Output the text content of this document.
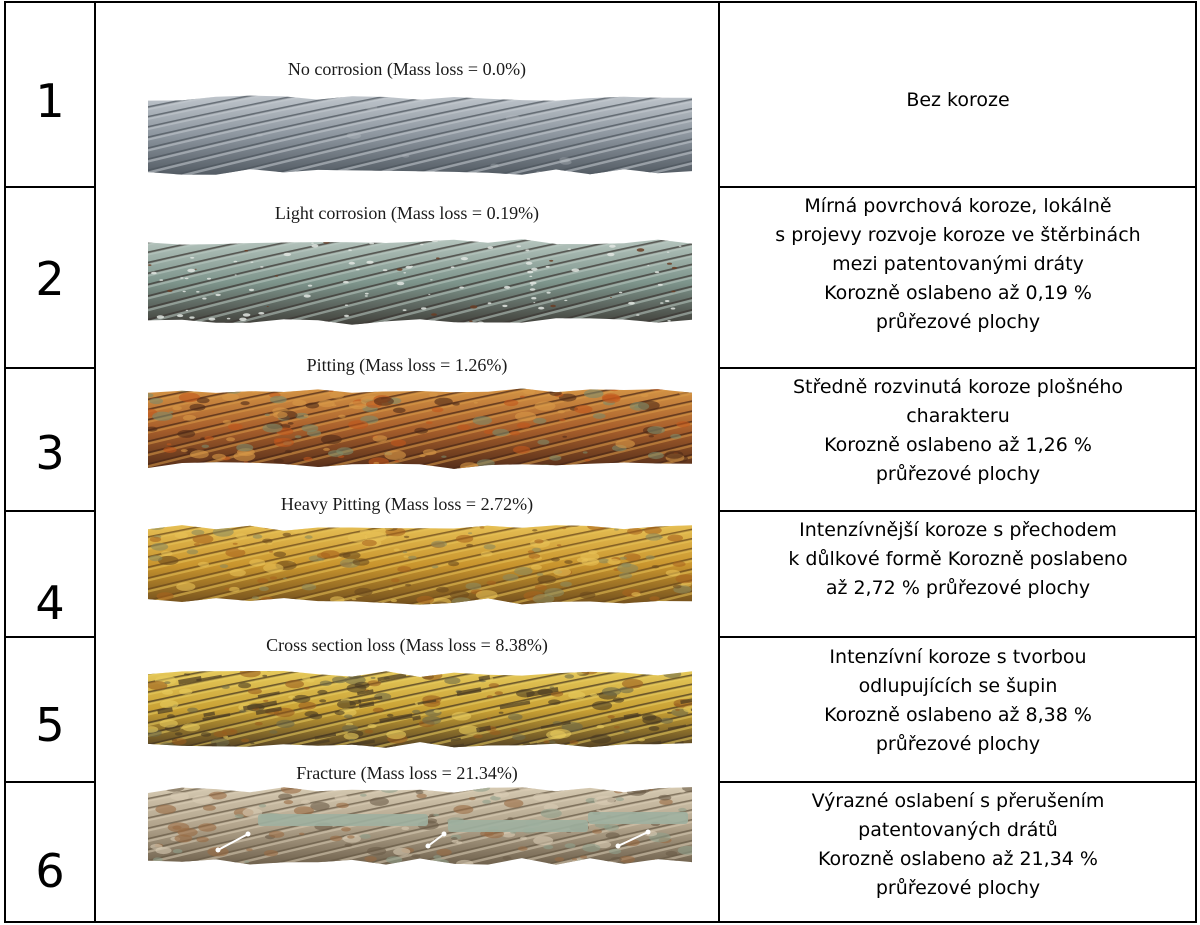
1
No corrosion (Mass loss = 0.0%)
Bez koroze
2
Light corrosion (Mass loss = 0.19%)	Mírná povrchová koroze, lokálně
s projevy rozvoje koroze ve štěrbinách
mezi patentovanými dráty
Korozně oslabeno až 0,19 %
průřezové plochy
3
Pitting (Mass loss = 1.26%)
Středně rozvinutá koroze plošného
charakteru
Korozně oslabeno až 1,26 %
průřezové plochy
4
Heavy Pitting (Mass loss = 2.72%)
Intenzívnější koroze s přechodem
k důlkové formě Korozně poslabeno
až 2,72 % průřezové plochy
5
Cross section loss (Mass loss = 8.38%)
Intenzívní koroze s tvorbou
odlupujících se šupin
Korozně oslabeno až 8,38 %
průřezové plochy
6
Fracture (Mass loss = 21.34%)
Výrazné oslabení s přerušením
patentovaných drátů
Korozně oslabeno až 21,34 %
průřezové plochy
